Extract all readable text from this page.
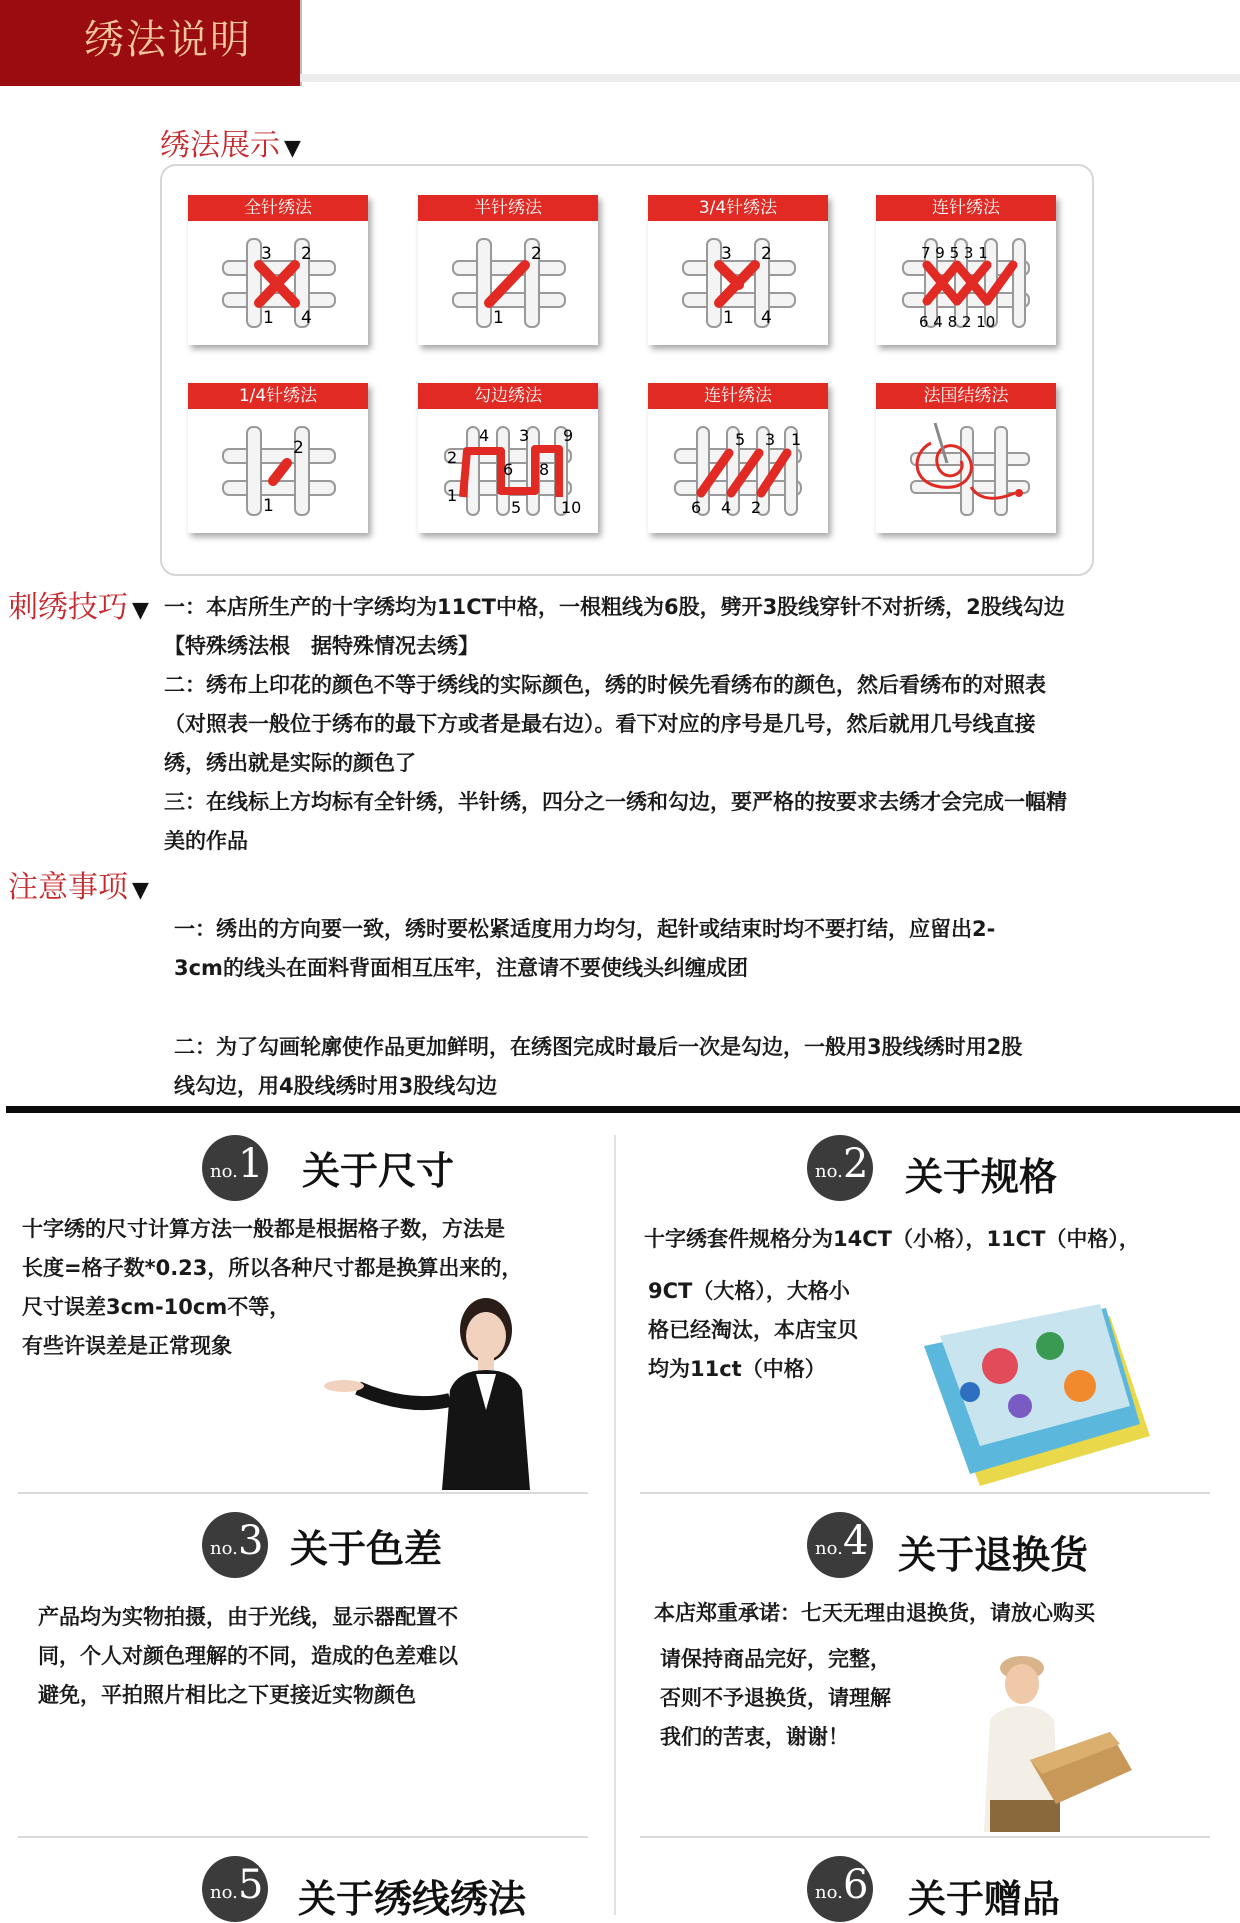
绣法说明
绣法展示 ▼
全针绣法
3 2
1 4
半针绣法
2
1
3/4针绣法
3 2
1 4
连针绣法
7 9 5 3 1
6 4 8 2 10
1/4针绣法
2
1
勾边绣法
4 3 9
2
6 8
1
5 10
连针绣法
5 3 1
6 4 2
法国结绣法
刺绣技巧 ▼ 一：本店所生产的十字绣均为11CT中格，一根粗线为6股，劈开3股线穿针不对折绣，2股线勾边

【特殊绣法根　据特殊情况去绣】

二：绣布上印花的颜色不等于绣线的实际颜色，绣的时候先看绣布的颜色，然后看绣布的对照表

（对照表一般位于绣布的最下方或者是最右边）。看下对应的序号是几号，然后就用几号线直接

绣，绣出就是实际的颜色了

三：在线标上方均标有全针绣，半针绣，四分之一绣和勾边，要严格的按要求去绣才会完成一幅精

美的作品

注意事项 ▼

一：绣出的方向要一致，绣时要松紧适度用力均匀，起针或结束时均不要打结，应留出2-

3cm的线头在面料背面相互压牢，注意请不要使线头纠缠成团

二：为了勾画轮廓使作品更加鲜明，在绣图完成时最后一次是勾边，一般用3股线绣时用2股

线勾边，用4股线绣时用3股线勾边

no. 1 关于尺寸

十字绣的尺寸计算方法一般都是根据格子数，方法是

长度=格子数*0.23，所以各种尺寸都是换算出来的，

尺寸误差3cm-10cm不等，

有些许误差是正常现象

no. 2 关于规格

十字绣套件规格分为14CT（小格），11CT（中格），

9CT（大格），大格小

格已经淘汰，本店宝贝

均为11ct（中格）

no. 3 关于色差

产品均为实物拍摄，由于光线，显示器配置不

同，个人对颜色理解的不同，造成的色差难以

避免，平拍照片相比之下更接近实物颜色

no. 4 关于退换货

本店郑重承诺：七天无理由退换货，请放心购买

请保持商品完好，完整，

否则不予退换货，请理解

我们的苦衷，谢谢！

no. 5 关于绣线绣法	no. 6 关于赠品
